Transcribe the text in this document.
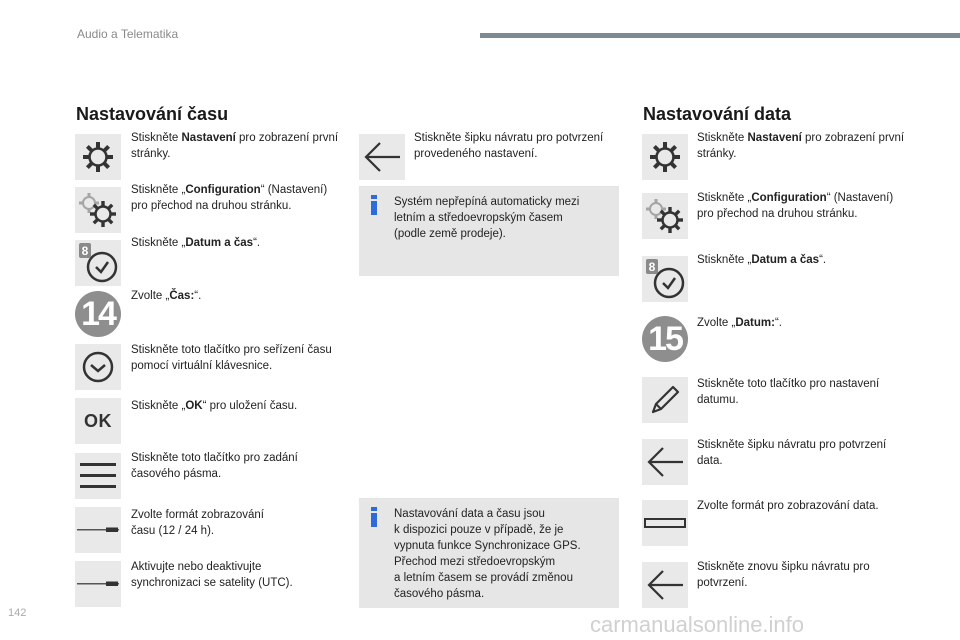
Audio a Telematika
Nastavování času	Nastavování data
Stiskněte Nastavení pro zobrazení první stránky.
Stiskněte „Configuration“ (Nastavení) pro přechod na druhou stránku.
8
Stiskněte „Datum a čas“.
14 Zvolte „Čas:“.
Stiskněte toto tlačítko pro seřízení času pomocí virtuální klávesnice.
OK
Stiskněte „OK“ pro uložení času.
Stiskněte toto tlačítko pro zadání časového pásma.
Zvolte formát zobrazování
času (12 / 24 h).
Aktivujte nebo deaktivujte synchronizaci se satelity (UTC).
Stiskněte šipku návratu pro potvrzení provedeného nastavení.
Systém nepřepíná automaticky mezi
letním a středoevropským časem
(podle země prodeje).
Nastavování data a času jsou
k dispozici pouze v případě, že je
vypnuta funkce Synchronizace GPS.
Přechod mezi středoevropským
a letním časem se provádí změnou
časového pásma.
Stiskněte Nastavení pro zobrazení první stránky.
Stiskněte „Configuration“ (Nastavení) pro přechod na druhou stránku.
8	Stiskněte „Datum a čas“.
15 Zvolte „Datum:“.
Stiskněte toto tlačítko pro nastavení datumu.
Stiskněte šipku návratu pro potvrzení data.
Zvolte formát pro zobrazování data.
Stiskněte znovu šipku návratu pro potvrzení.
142	carmanualsonline.info
